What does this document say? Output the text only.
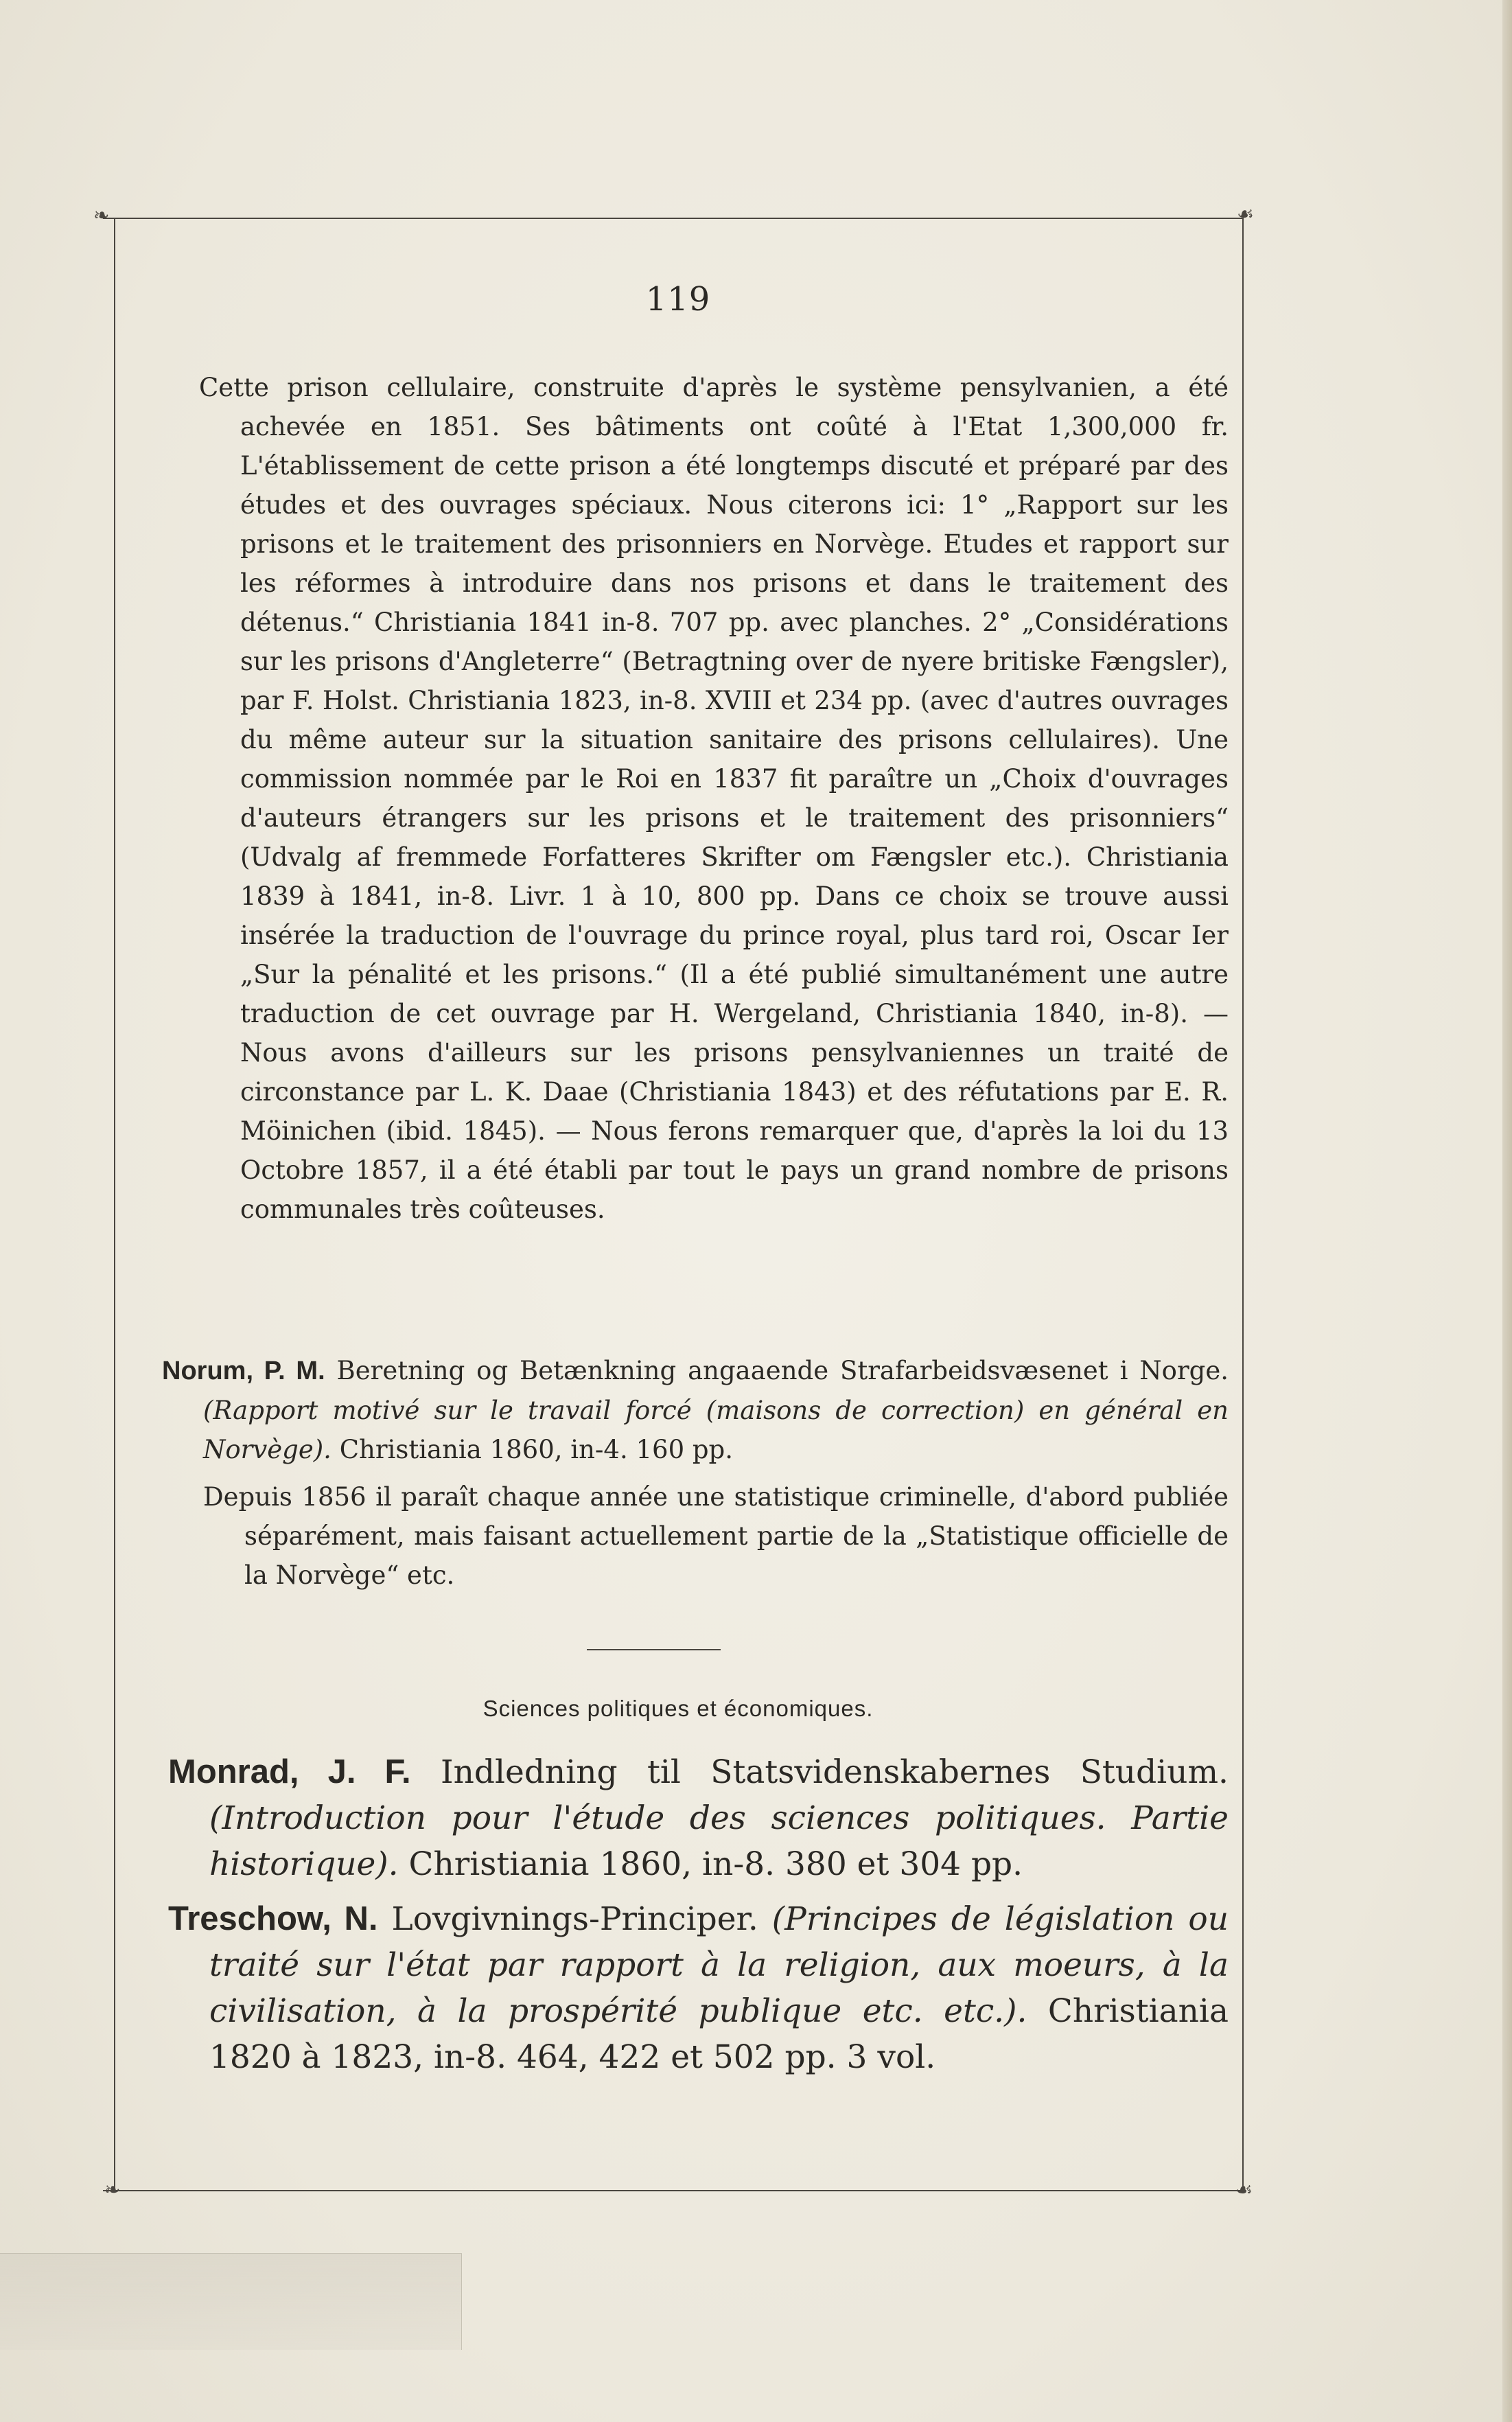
❧	☙
❧	☙
119

Cette prison cellulaire, construite d'après le système pensylvanien, a été achevée en 1851. Ses bâtiments ont coûté à l'Etat 1,300,000 fr. L'établissement de cette prison a été longtemps discuté et préparé par des études et des ouvrages spéciaux. Nous citerons ici: 1° „Rapport sur les prisons et le traitement des prisonniers en Norvège. Etudes et rapport sur les réformes à introduire dans nos prisons et dans le traitement des détenus.“ Christiania 1841 in-8. 707 pp. avec planches. 2° „Considérations sur les prisons d'Angleterre“ (Betragtning over de nyere britiske Fængsler), par F. Holst. Christiania 1823, in-8. XVIII et 234 pp. (avec d'autres ouvrages du même auteur sur la situation sanitaire des prisons cellulaires). Une commission nommée par le Roi en 1837 fit paraître un „Choix d'ouvrages d'auteurs étrangers sur les prisons et le traitement des prisonniers“ (Udvalg af fremmede Forfatteres Skrifter om Fængsler etc.). Christiania 1839 à 1841, in-8. Livr. 1 à 10, 800 pp. Dans ce choix se trouve aussi insérée la traduction de l'ouvrage du prince royal, plus tard roi, Oscar Ier „Sur la pénalité et les prisons.“ (Il a été publié simultanément une autre traduction de cet ouvrage par H. Wergeland, Christiania 1840, in-8). — Nous avons d'ailleurs sur les prisons pensylvaniennes un traité de circonstance par L. K. Daae (Christiania 1843) et des réfutations par E. R. Möinichen (ibid. 1845). — Nous ferons remarquer que, d'après la loi du 13 Octobre 1857, il a été établi par tout le pays un grand nombre de prisons communales très coûteuses.

Norum, P. M. Beretning og Betænkning angaaende Strafarbeidsvæsenet i Norge. (Rapport motivé sur le travail forcé (maisons de correction) en général en Norvège). Christiania 1860, in-4. 160 pp.

Depuis 1856 il paraît chaque année une statistique criminelle, d'abord publiée séparément, mais faisant actuellement partie de la „Statistique officielle de la Norvège“ etc.

Sciences politiques et économiques.

Monrad, J. F. Indledning til Statsvidenskabernes Studium. (Introduction pour l'étude des sciences politiques. Partie historique). Christiania 1860, in-8. 380 et 304 pp.

Treschow, N. Lovgivnings-Principer. (Principes de législation ou traité sur l'état par rapport à la religion, aux moeurs, à la civilisation, à la prospérité publique etc. etc.). Christiania 1820 à 1823, in-8. 464, 422 et 502 pp. 3 vol.
